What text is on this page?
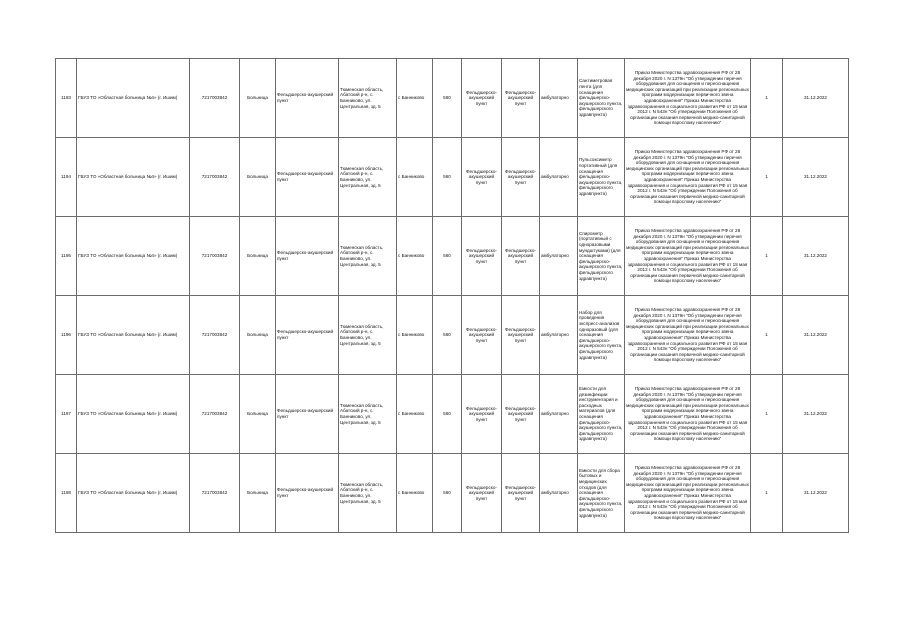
1193	ГБУЗ ТО «Областная больница №4» (г. Ишим)	7217003842	Больница	Фельдшерско-акушерский пункт	Тюменская область, Абатский р-н, с. Банниково, ул. Центральная, зд. 5	с Банниково	560	Фельдшерско-акушерский пункт	Фельдшерско-акушерский пункт	амбулаторно	Сантиметровая лента (для оснащения фельдшерско-акушерского пункта, фельдшерского здравпункта)	Приказ Министерства здравоохранения РФ от 28 декабря 2020 г. N 1379н "Об утверждении перечня оборудования для оснащения и переоснащения медицинских организаций при реализации региональных программ модернизации первичного звена здравоохранения" Приказ Министерства здравоохранения и социального развития РФ от 15 мая 2012 г. N 543н "Об утверждении Положения об организации оказания первичной медико-санитарной помощи взрослому населению"	1	31.12.2022
1194	ГБУЗ ТО «Областная больница №4» (г. Ишим)	7217003842	Больница	Фельдшерско-акушерский пункт	Тюменская область, Абатский р-н, с. Банниково, ул. Центральная, зд. 5	с Банниково	560	Фельдшерско-акушерский пункт	Фельдшерско-акушерский пункт	амбулаторно	Пульсоксиметр портативный (для оснащения фельдшерско-акушерского пункта, фельдшерского здравпункта)	Приказ Министерства здравоохранения РФ от 28 декабря 2020 г. N 1379н "Об утверждении перечня оборудования для оснащения и переоснащения медицинских организаций при реализации региональных программ модернизации первичного звена здравоохранения" Приказ Министерства здравоохранения и социального развития РФ от 15 мая 2012 г. N 543н "Об утверждении Положения об организации оказания первичной медико-санитарной помощи взрослому населению"	1	31.12.2022
1195	ГБУЗ ТО «Областная больница №4» (г. Ишим)	7217003842	Больница	Фельдшерско-акушерский пункт	Тюменская область, Абатский р-н, с. Банниково, ул. Центральная, зд. 5	с Банниково	560	Фельдшерско-акушерский пункт	Фельдшерско-акушерский пункт	амбулаторно	Спирометр (портативный с одноразовыми мундштуками) (для оснащения фельдшерско-акушерского пункта, фельдшерского здравпункта)	Приказ Министерства здравоохранения РФ от 28 декабря 2020 г. N 1379н "Об утверждении перечня оборудования для оснащения и переоснащения медицинских организаций при реализации региональных программ модернизации первичного звена здравоохранения" Приказ Министерства здравоохранения и социального развития РФ от 15 мая 2012 г. N 543н "Об утверждении Положения об организации оказания первичной медико-санитарной помощи взрослому населению"	1	31.12.2022
1196	ГБУЗ ТО «Областная больница №4» (г. Ишим)	7217003842	Больница	Фельдшерско-акушерский пункт	Тюменская область, Абатский р-н, с. Банниково, ул. Центральная, зд. 5	с Банниково	560	Фельдшерско-акушерский пункт	Фельдшерско-акушерский пункт	амбулаторно	Набор для проведения экспресс-анализов одноразовый (для оснащения фельдшерско-акушерского пункта, фельдшерского здравпункта)	Приказ Министерства здравоохранения РФ от 28 декабря 2020 г. N 1379н "Об утверждении перечня оборудования для оснащения и переоснащения медицинских организаций при реализации региональных программ модернизации первичного звена здравоохранения" Приказ Министерства здравоохранения и социального развития РФ от 15 мая 2012 г. N 543н "Об утверждении Положения об организации оказания первичной медико-санитарной помощи взрослому населению"	1	31.12.2022
1197	ГБУЗ ТО «Областная больница №4» (г. Ишим)	7217003842	Больница	Фельдшерско-акушерский пункт	Тюменская область, Абатский р-н, с. Банниково, ул. Центральная, зд. 5	с Банниково	560	Фельдшерско-акушерский пункт	Фельдшерско-акушерский пункт	амбулаторно	Емкости для дезинфекции инструментария и расходных материалов (для оснащения фельдшерско-акушерского пункта, фельдшерского здравпункта)	Приказ Министерства здравоохранения РФ от 28 декабря 2020 г. N 1379н "Об утверждении перечня оборудования для оснащения и переоснащения медицинских организаций при реализации региональных программ модернизации первичного звена здравоохранения" Приказ Министерства здравоохранения и социального развития РФ от 15 мая 2012 г. N 543н "Об утверждении Положения об организации оказания первичной медико-санитарной помощи взрослому населению"	1	31.12.2022
1198	ГБУЗ ТО «Областная больница №4» (г. Ишим)	7217003842	Больница	Фельдшерско-акушерский пункт	Тюменская область, Абатский р-н, с. Банниково, ул. Центральная, зд. 5	с Банниково	560	Фельдшерско-акушерский пункт	Фельдшерско-акушерский пункт	амбулаторно	Емкости для сбора бытовых и медицинских отходов (для оснащения фельдшерско-акушерского пункта, фельдшерского здравпункта)	Приказ Министерства здравоохранения РФ от 28 декабря 2020 г. N 1379н "Об утверждении перечня оборудования для оснащения и переоснащения медицинских организаций при реализации региональных программ модернизации первичного звена здравоохранения" Приказ Министерства здравоохранения и социального развития РФ от 15 мая 2012 г. N 543н "Об утверждении Положения об организации оказания первичной медико-санитарной помощи взрослому населению"	1	31.12.2022
